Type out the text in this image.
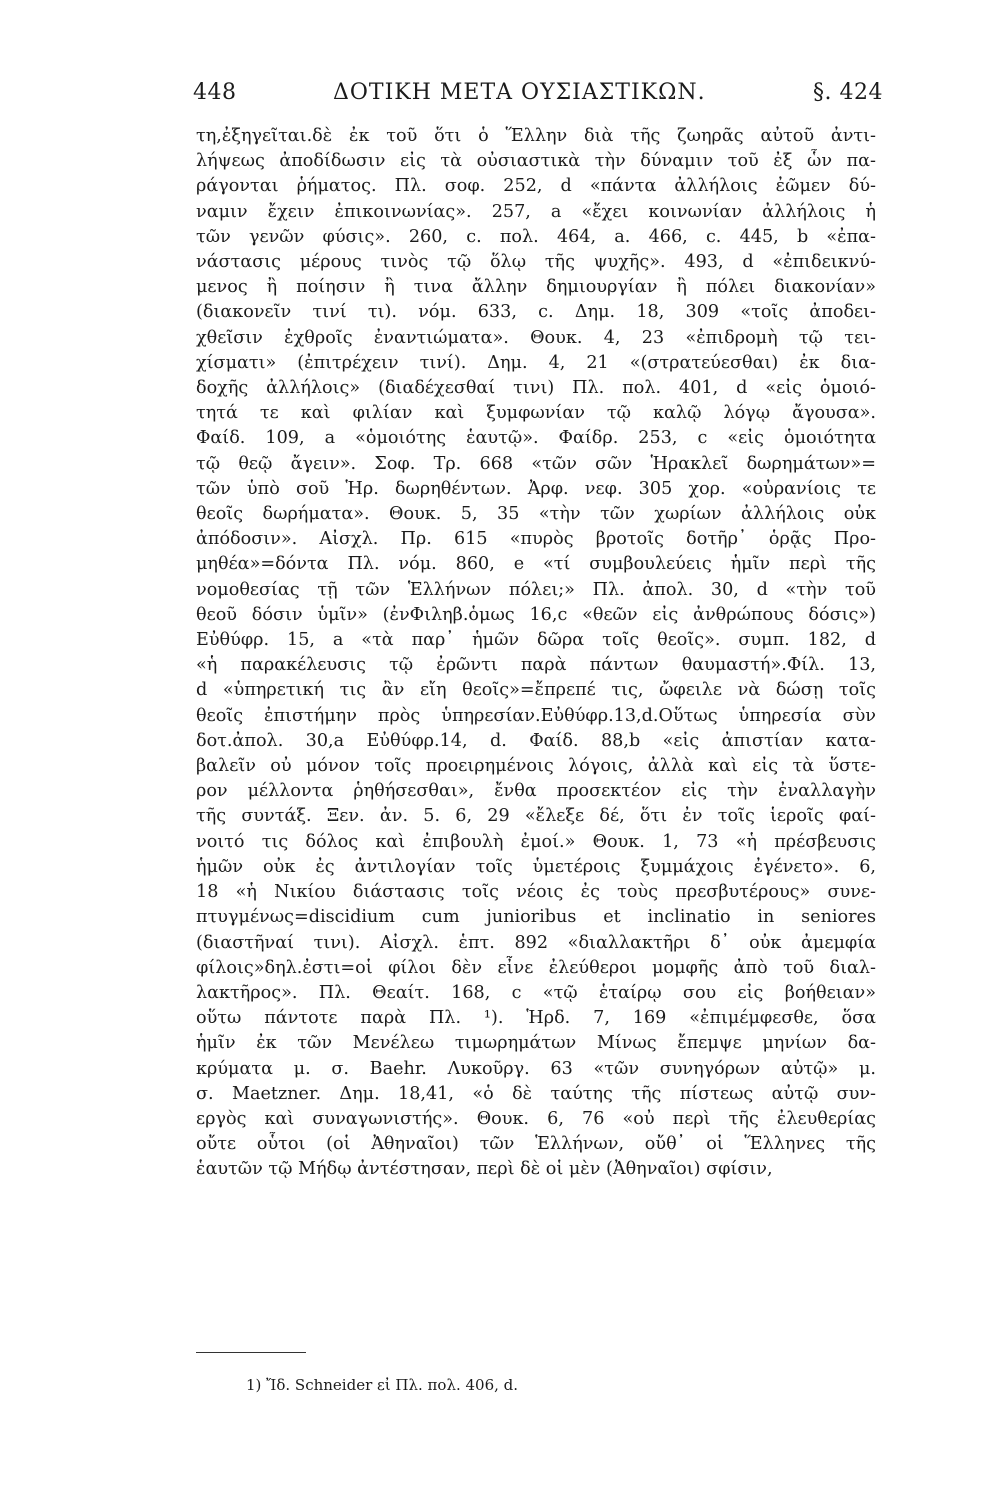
448	ΔΟΤΙΚΗ ΜΕΤΑ ΟΥΣΙΑΣΤΙΚΩΝ.	§. 424
τη,ἐξηγεῖται.δὲ ἐκ τοῦ ὅτι ὁ Ἕλλην διὰ τῆς ζωηρᾶς αὐτοῦ ἀντι-
λήψεως ἀποδίδωσιν εἰς τὰ οὐσιαστικὰ τὴν δύναμιν τοῦ ἐξ ὧν πα-
ράγονται ῥήματος. Πλ. σοφ. 252, d «πάντα ἀλλήλοις ἐῶμεν δύ-
ναμιν ἔχειν ἐπικοινωνίας». 257, a «ἔχει κοινωνίαν ἀλλήλοις ἡ
τῶν γενῶν φύσις». 260, c. πολ. 464, a. 466, c. 445, b «ἐπα-
νάστασις μέρους τινὸς τῷ ὅλῳ τῆς ψυχῆς». 493, d «ἐπιδεικνύ-
μενος ἢ ποίησιν ἢ τινα ἄλλην δημιουργίαν ἢ πόλει διακονίαν»
(διακονεῖν τινί τι). νόμ. 633, c. Δημ. 18, 309 «τοῖς ἀποδει-
χθεῖσιν ἐχθροῖς ἐναντιώματα». Θουκ. 4, 23 «ἐπιδρομὴ τῷ τει-
χίσματι» (ἐπιτρέχειν τινί). Δημ. 4, 21 «(στρατεύεσθαι) ἐκ δια-
δοχῆς ἀλλήλοις» (διαδέχεσθαί τινι) Πλ. πολ. 401, d «εἰς ὁμοιό-
τητά τε καὶ φιλίαν καὶ ξυμφωνίαν τῷ καλῷ λόγῳ ἄγουσα».
Φαίδ. 109, a «ὁμοιότης ἑαυτῷ». Φαίδρ. 253, c «εἰς ὁμοιότητα
τῷ θεῷ ἄγειν». Σοφ. Τρ. 668 «τῶν σῶν Ἡρακλεῖ δωρημάτων»=
τῶν ὑπὸ σοῦ Ἡρ. δωρηθέντων. Ἀρφ. νεφ. 305 χορ. «οὐρανίοις τε
θεοῖς δωρήματα». Θουκ. 5, 35 «τὴν τῶν χωρίων ἀλλήλοις οὐκ
ἀπόδοσιν». Αἰσχλ. Πρ. 615 «πυρὸς βροτοῖς δοτῆρ᾽ ὁρᾷς Προ-
μηθέα»=δόντα Πλ. νόμ. 860, e «τί συμβουλεύεις ἡμῖν περὶ τῆς
νομοθεσίας τῇ τῶν Ἑλλήνων πόλει;» Πλ. ἀπολ. 30, d «τὴν τοῦ
θεοῦ δόσιν ὑμῖν» (ἐνΦιληβ.ὁμως 16,c «θεῶν εἰς ἀνθρώπους δόσις»)
Εὐθύφρ. 15, a «τὰ παρ᾽ ἡμῶν δῶρα τοῖς θεοῖς». συμπ. 182, d
«ἡ παρακέλευσις τῷ ἐρῶντι παρὰ πάντων θαυμαστή».Φίλ. 13,
d «ὑπηρετική τις ἂν εἴη θεοῖς»=ἔπρεπέ τις, ὤφειλε νὰ δώσῃ τοῖς
θεοῖς ἐπιστήμην πρὸς ὑπηρεσίαν.Εὐθύφρ.13,d.Οὕτως ὑπηρεσία σὺν
δοτ.ἀπολ. 30,a Εὐθύφρ.14, d. Φαίδ. 88,b «εἰς ἀπιστίαν κατα-
βαλεῖν οὐ μόνον τοῖς προειρημένοις λόγοις, ἀλλὰ καὶ εἰς τὰ ὕστε-
ρον μέλλοντα ῥηθήσεσθαι», ἔνθα προσεκτέον εἰς τὴν ἐναλλαγὴν
τῆς συντάξ. Ξεν. ἀν. 5. 6, 29 «ἔλεξε δέ, ὅτι ἐν τοῖς ἱεροῖς φαί-
νοιτό τις δόλος καὶ ἐπιβουλὴ ἐμοί.» Θουκ. 1, 73 «ἡ πρέσβευσις
ἡμῶν οὐκ ἐς ἀντιλογίαν τοῖς ὑμετέροις ξυμμάχοις ἐγένετο». 6,
18 «ἡ Νικίου διάστασις τοῖς νέοις ἐς τοὺς πρεσβυτέρους» συνε-
πτυγμένως=discidium cum junioribus et inclinatio in seniores
(διαστῆναί τινι). Αἰσχλ. ἑπτ. 892 «διαλλακτῆρι δ᾽ οὐκ ἀμεμφία
φίλοις»δηλ.ἐστι=οἱ φίλοι δὲν εἶνε ἐλεύθεροι μομφῆς ἀπὸ τοῦ διαλ-
λακτῆρος». Πλ. Θεαίτ. 168, c «τῷ ἑταίρῳ σου εἰς βοήθειαν»
οὕτω πάντοτε παρὰ Πλ. ¹). Ἡρδ. 7, 169 «ἐπιμέμφεσθε, ὅσα
ἡμῖν ἐκ τῶν Μενέλεω τιμωρημάτων Μίνως ἔπεμψε μηνίων δα-
κρύματα μ. σ. Baehr. Λυκοῦργ. 63 «τῶν συνηγόρων αὐτῷ» μ.
σ. Maetzner. Δημ. 18,41, «ὁ δὲ ταύτης τῆς πίστεως αὐτῷ συν-
εργὸς καὶ συναγωνιστής». Θουκ. 6, 76 «οὐ περὶ τῆς ἐλευθερίας
οὔτε οὗτοι (οἱ Ἀθηναῖοι) τῶν Ἑλλήνων, οὔθ᾽ οἱ Ἕλληνες τῆς
ἑαυτῶν τῷ Μήδῳ ἀντέστησαν, περὶ δὲ οἱ μὲν (Ἀθηναῖοι) σφίσιν,
1) Ἴδ. Schneider εἰ Πλ. πολ. 406, d.
